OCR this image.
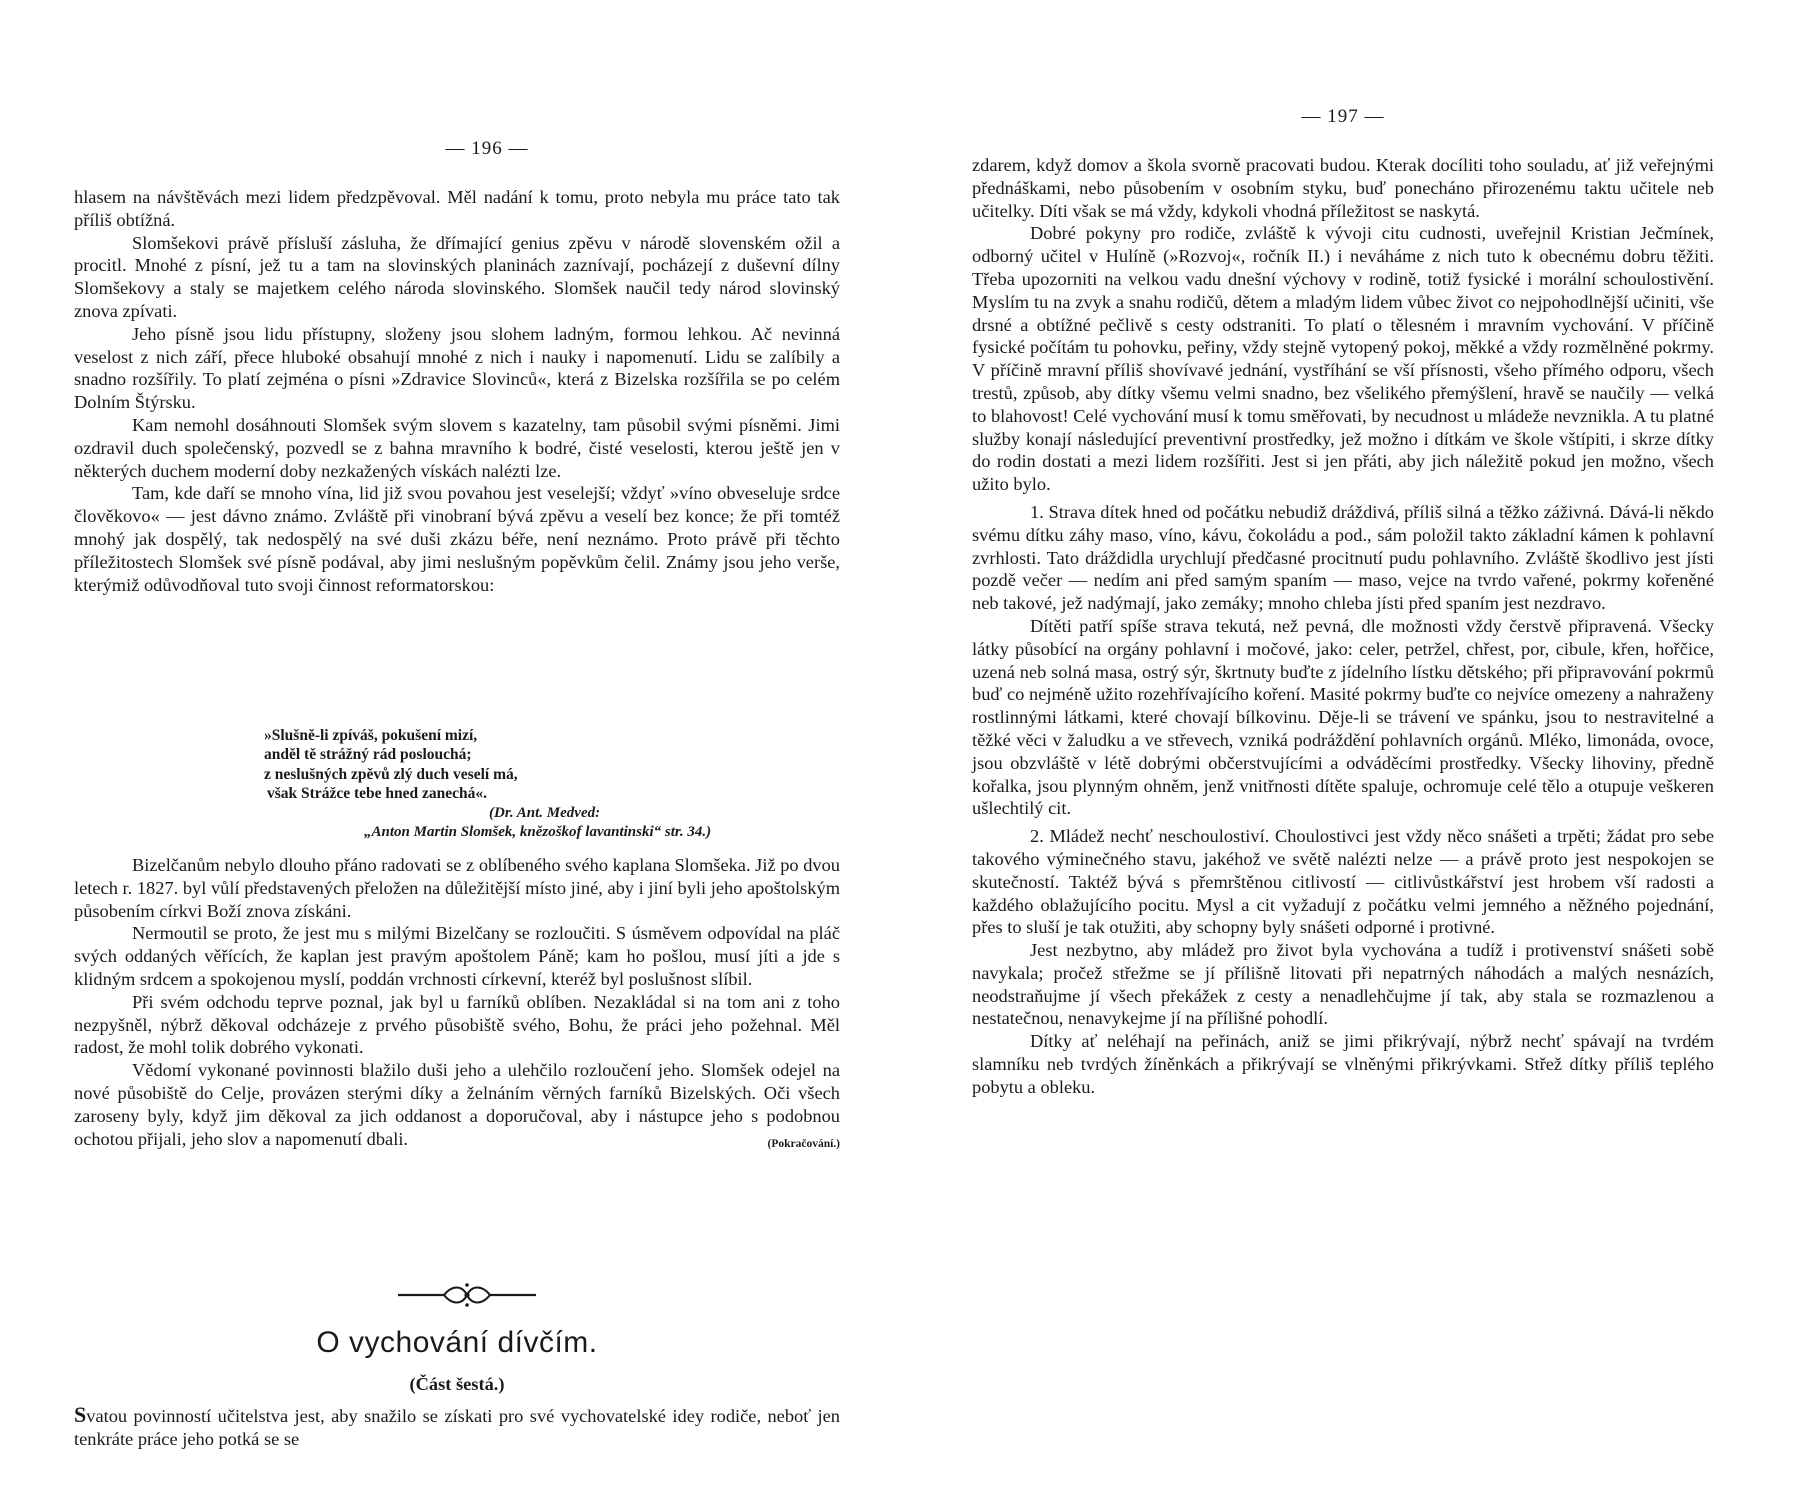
— 196 —

hlasem na návštěvách mezi lidem předzpěvoval. Měl nadání k tomu, proto nebyla mu práce tato tak příliš obtížná.

Slomšekovi právě přísluší zásluha, že dřímající genius zpěvu v národě slovenském ožil a procitl. Mnohé z písní, jež tu a tam na slovinských planinách zaznívají, pocházejí z duševní dílny Slomšekovy a staly se majetkem celého národa slovinského. Slomšek naučil tedy národ slovinský znova zpívati.

Jeho písně jsou lidu přístupny, složeny jsou slohem ladným, formou lehkou. Ač nevinná veselost z nich září, přece hluboké obsahují mnohé z nich i nauky i napomenutí. Lidu se zalíbily a snadno rozšířily. To platí zejména o písni »Zdravice Slovinců«, která z Bizelska rozšířila se po celém Dolním Štýrsku.

Kam nemohl dosáhnouti Slomšek svým slovem s kazatelny, tam působil svými písněmi. Jimi ozdravil duch společenský, pozvedl se z bahna mravního k bodré, čisté veselosti, kterou ještě jen v některých duchem moderní doby nezkažených vískách nalézti lze.

Tam, kde daří se mnoho vína, lid již svou povahou jest veselejší; vždyť »víno obveseluje srdce člověkovo« — jest dávno známo. Zvláště při vinobraní bývá zpěvu a veselí bez konce; že při tomtéž mnohý jak dospělý, tak nedospělý na své duši zkázu béře, není neznámo. Proto právě při těchto příležitostech Slomšek své písně podával, aby jimi neslušným popěvkům čelil. Známy jsou jeho verše, kterýmiž odůvodňoval tuto svoji činnost reformatorskou:

»Slušně-li zpíváš, pokušení mizí,
anděl tě strážný rád poslouchá;
z neslušných zpěvů zlý duch veselí má,
však Strážce tebe hned zanechá«.
(Dr. Ant. Medved:
„Anton Martin Slomšek, knězoškof lavantinski“ str. 34.)

Bizelčanům nebylo dlouho přáno radovati se z oblíbeného svého kaplana Slomšeka. Již po dvou letech r. 1827. byl vůlí představených přeložen na důležitější místo jiné, aby i jiní byli jeho apoštolským působením církvi Boží znova získáni.

Nermoutil se proto, že jest mu s milými Bizelčany se rozloučiti. S úsměvem odpovídal na pláč svých oddaných věřících, že kaplan jest pravým apoštolem Páně; kam ho pošlou, musí jíti a jde s klidným srdcem a spokojenou myslí, poddán vrchnosti církevní, kteréž byl poslušnost slíbil.

Při svém odchodu teprve poznal, jak byl u farníků oblíben. Nezakládal si na tom ani z toho nezpyšněl, nýbrž děkoval odcházeje z prvého působiště svého, Bohu, že práci jeho požehnal. Měl radost, že mohl tolik dobrého vykonati.

Vědomí vykonané povinnosti blažilo duši jeho a ulehčilo rozloučení jeho. Slomšek odejel na nové působiště do Celje, provázen sterými díky a želnáním věrných farníků Bizelských. Oči všech zaroseny byly, když jim děkoval za jich oddanost a doporučoval, aby i nástupce jeho s podobnou ochotou přijali, jeho slov a napomenutí dbali.	(Pokračování.)

O vychování dívčím.
(Část šestá.)

Svatou povinností učitelstva jest, aby snažilo se získati pro své vychovatelské idey rodiče, neboť jen tenkráte práce jeho potká se se

— 197 —

zdarem, když domov a škola svorně pracovati budou. Kterak docíliti toho souladu, ať již veřejnými přednáškami, nebo působením v osobním styku, buď ponecháno přirozenému taktu učitele neb učitelky. Díti však se má vždy, kdykoli vhodná příležitost se naskytá.

Dobré pokyny pro rodiče, zvláště k vývoji citu cudnosti, uveřejnil Kristian Ječmínek, odborný učitel v Hulíně (»Rozvoj«, ročník II.) i neváháme z nich tuto k obecnému dobru těžiti. Třeba upozorniti na velkou vadu dnešní výchovy v rodině, totiž fysické i morální schoulostivění. Myslím tu na zvyk a snahu rodičů, dětem a mladým lidem vůbec život co nejpohodlnější učiniti, vše drsné a obtížné pečlivě s cesty odstraniti. To platí o tělesném i mravním vychování. V příčině fysické počítám tu pohovku, peřiny, vždy stejně vytopený pokoj, měkké a vždy rozmělněné pokrmy. V příčině mravní příliš shovívavé jednání, vystříhání se vší přísnosti, všeho přímého odporu, všech trestů, způsob, aby dítky všemu velmi snadno, bez všelikého přemýšlení, hravě se naučily — velká to blahovost! Celé vychování musí k tomu směřovati, by necudnost u mládeže nevznikla. A tu platné služby konají následující preventivní prostředky, jež možno i dítkám ve škole vštípiti, i skrze dítky do rodin dostati a mezi lidem rozšířiti. Jest si jen přáti, aby jich náležitě pokud jen možno, všech užito bylo.

1. Strava dítek hned od počátku nebudiž dráždivá, příliš silná a těžko záživná. Dává-li někdo svému dítku záhy maso, víno, kávu, čokoládu a pod., sám položil takto základní kámen k pohlavní zvrhlosti. Tato dráždidla urychlují předčasné procitnutí pudu pohlavního. Zvláště škodlivo jest jísti pozdě večer — nedím ani před samým spaním — maso, vejce na tvrdo vařené, pokrmy kořeněné neb takové, jež nadýmají, jako zemáky; mnoho chleba jísti před spaním jest nezdravo.

Dítěti patří spíše strava tekutá, než pevná, dle možnosti vždy čerstvě připravená. Všecky látky působící na orgány pohlavní i močové, jako: celer, petržel, chřest, por, cibule, křen, hořčice, uzená neb solná masa, ostrý sýr, škrtnuty buďte z jídelního lístku dětského; při připravování pokrmů buď co nejméně užito rozehřívajícího koření. Masité pokrmy buďte co nejvíce omezeny a nahraženy rostlinnými látkami, které chovají bílkovinu. Děje-li se trávení ve spánku, jsou to nestravitelné a těžké věci v žaludku a ve střevech, vzniká podráždění pohlavních orgánů. Mléko, limonáda, ovoce, jsou obzvláště v létě dobrými občerstvujícími a odváděcími prostředky. Všecky lihoviny, předně kořalka, jsou plynným ohněm, jenž vnitřnosti dítěte spaluje, ochromuje celé tělo a otupuje veškeren ušlechtilý cit.

2. Mládež nechť neschoulostiví. Choulostivci jest vždy něco snášeti a trpěti; žádat pro sebe takového výminečného stavu, jakéhož ve světě nalézti nelze — a právě proto jest nespokojen se skutečností. Taktéž bývá s přemrštěnou citlivostí — citlivůstkářství jest hrobem vší radosti a každého oblažujícího pocitu. Mysl a cit vyžadují z počátku velmi jemného a něžného pojednání, přes to sluší je tak otužiti, aby schopny byly snášeti odporné i protivné.

Jest nezbytno, aby mládež pro život byla vychována a tudíž i protivenství snášeti sobě navykala; pročež střežme se jí přílišně litovati při nepatrných náhodách a malých nesnázích, neodstraňujme jí všech překážek z cesty a nenadlehčujme jí tak, aby stala se rozmazlenou a nestatečnou, nenavykejme jí na přílišné pohodlí.

Dítky ať neléhají na peřinách, aniž se jimi přikrývají, nýbrž nechť spávají na tvrdém slamníku neb tvrdých žíněnkách a přikrývají se vlněnými přikrývkami. Střež dítky příliš teplého pobytu a obleku.
